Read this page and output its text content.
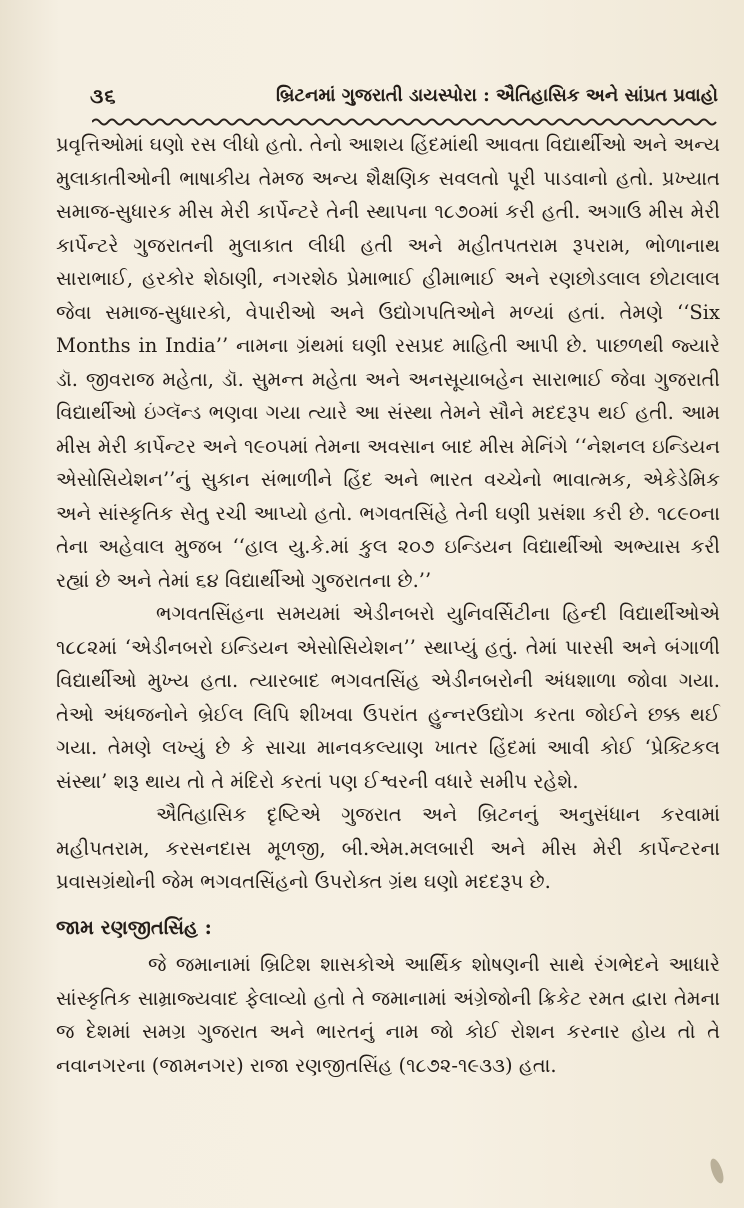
૩૬	બ્રિટનમાં ગુજરાતી ડાયસ્પોરા : ઐતિહાસિક અને સાંપ્રત પ્રવાહો

પ્રવૃત્તિઓમાં ઘણો રસ લીધો હતો. તેનો આશય હિંદમાંથી આવતા વિદ્યાર્થીઓ અને અન્ય મુલાકાતીઓની ભાષાકીય તેમજ અન્ય શૈક્ષણિક સવલતો પૂરી પાડવાનો હતો. પ્રખ્યાત સમાજ-સુધારક મીસ મેરી કાર્પેન્ટરે તેની સ્થાપના ૧૮૭૦માં કરી હતી. અગાઉ મીસ મેરી કાર્પેન્ટરે ગુજરાતની મુલાકાત લીધી હતી અને મહીતપતરામ રૂપરામ, ભોળાનાથ સારાભાઈ, હરકોર શેઠાણી, નગરશેઠ પ્રેમાભાઈ હીમાભાઈ અને રણછોડલાલ છોટાલાલ જેવા સમાજ-સુધારકો, વેપારીઓ અને ઉદ્યોગપતિઓને મળ્યાં હતાં. તેમણે ‘‘Six Months in India’’ નામના ગ્રંથમાં ઘણી રસપ્રદ માહિતી આપી છે. પાછળથી જ્યારે ડૉ. જીવરાજ મહેતા, ડૉ. સુમન્ત મહેતા અને અનસૂયાબહેન સારાભાઈ જેવા ગુજરાતી વિદ્યાર્થીઓ ઇંગ્લૅન્ડ ભણવા ગયા ત્યારે આ સંસ્થા તેમને સૌને મદદરૂપ થઈ હતી. આમ મીસ મેરી કાર્પેન્ટર અને ૧૯૦૫માં તેમના અવસાન બાદ મીસ મેનિંગે ‘‘નેશનલ ઇન્ડિયન એસોસિયેશન’’નું સુકાન સંભાળીને હિંદ અને ભારત વચ્ચેનો ભાવાત્મક, એકેડેમિક અને સાંસ્કૃતિક સેતુ રચી આપ્યો હતો. ભગવતસિંહે તેની ઘણી પ્રસંશા કરી છે. ૧૮૯૦ના તેના અહેવાલ મુજબ ‘‘હાલ યુ.કે.માં કુલ ૨૦૭ ઇન્ડિયન વિદ્યાર્થીઓ અભ્યાસ કરી રહ્યાં છે અને તેમાં ૬૪ વિદ્યાર્થીઓ ગુજરાતના છે.’’

ભગવતસિંહના સમયમાં એડીનબરો યુનિવર્સિટીના હિન્દી વિદ્યાર્થીઓએ ૧૮૮૨માં ‘એડીનબરો ઇન્ડિયન એસોસિયેશન’’ સ્થાપ્યું હતું. તેમાં પારસી અને બંગાળી વિદ્યાર્થીઓ મુખ્ય હતા. ત્યારબાદ ભગવતસિંહ એડીનબરોની અંધશાળા જોવા ગયા. તેઓ અંધજનોને બ્રેઈલ લિપિ શીખવા ઉપરાંત હુન્નરઉદ્યોગ કરતા જોઈને છક્ક થઈ ગયા. તેમણે લખ્યું છે કે સાચા માનવકલ્યાણ ખાતર હિંદમાં આવી કોઈ ‘પ્રેક્ટિકલ સંસ્થા’ શરૂ થાય તો તે મંદિરો કરતાં પણ ઈશ્વરની વધારે સમીપ રહેશે.

ઐતિહાસિક દૃષ્ટિએ ગુજરાત અને બ્રિટનનું અનુસંધાન કરવામાં મહીપતરામ, કરસનદાસ મૂળજી, બી.એમ.મલબારી અને મીસ મેરી કાર્પેન્ટરના પ્રવાસગ્રંથોની જેમ ભગવતસિંહનો ઉપરોક્ત ગ્રંથ ઘણો મદદરૂપ છે.

જામ રણજીતસિંહ :

જે જમાનામાં બ્રિટિશ શાસકોએ આર્થિક શોષણની સાથે રંગભેદને આધારે સાંસ્કૃતિક સામ્રાજ્યવાદ ફેલાવ્યો હતો તે જમાનામાં અંગ્રેજોની ક્રિકેટ રમત દ્વારા તેમના જ દેશમાં સમગ્ર ગુજરાત અને ભારતનું નામ જો કોઈ રોશન કરનાર હોય તો તે નવાનગરના (જામનગર) રાજા રણજીતસિંહ (૧૮૭૨-૧૯૩૩) હતા.
